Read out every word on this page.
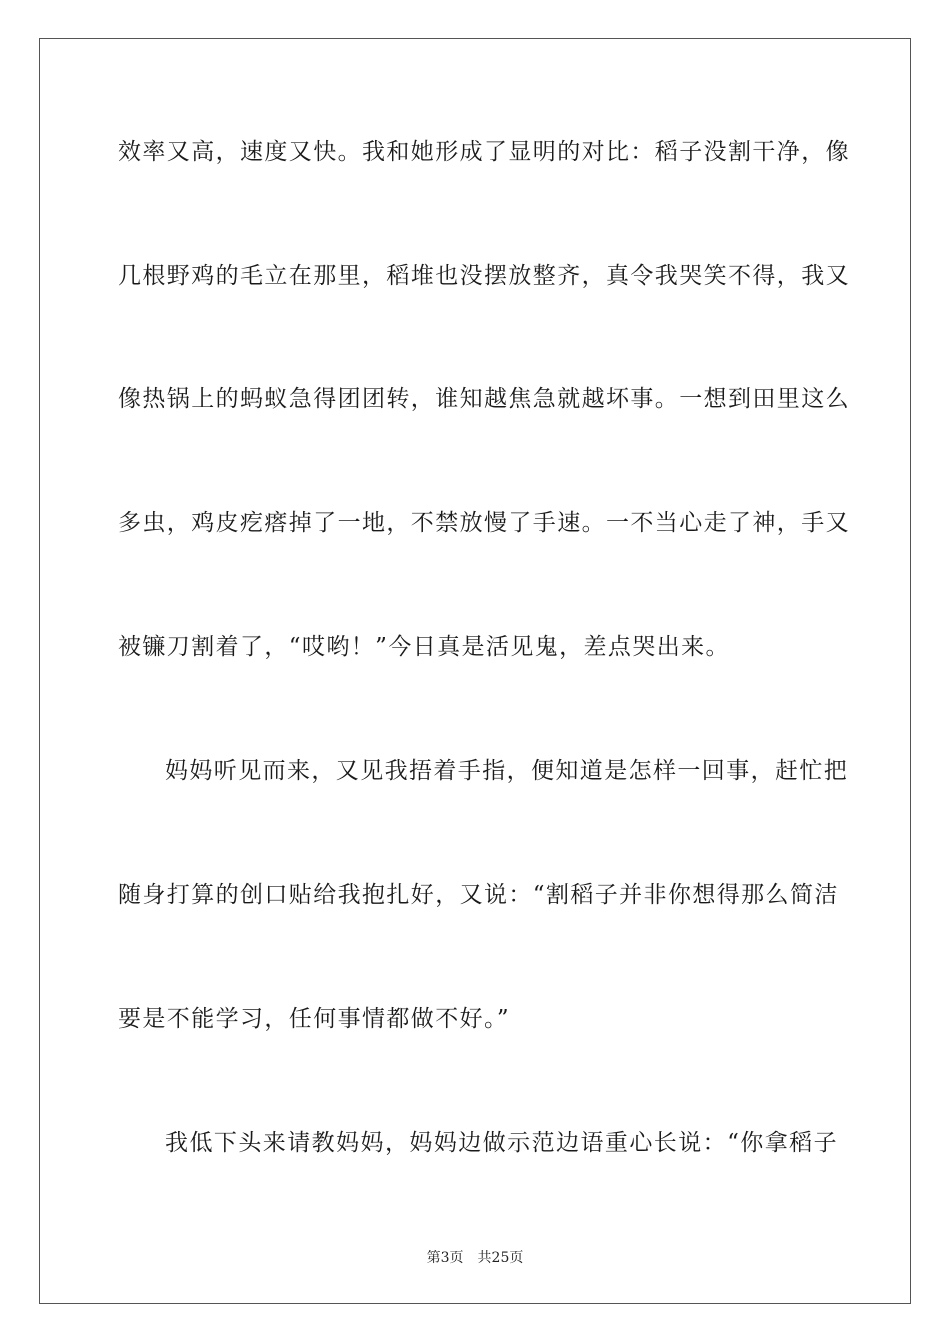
效率又高，速度又快。我和她形成了显明的对比：稻子没割干净，像
几根野鸡的毛立在那里，稻堆也没摆放整齐，真令我哭笑不得，我又
像热锅上的蚂蚁急得团团转，谁知越焦急就越坏事。一想到田里这么
多虫，鸡皮疙瘩掉了一地，不禁放慢了手速。一不当心走了神，手又
被镰刀割着了，“哎哟！”今日真是活见鬼，差点哭出来。
妈妈听见而来，又见我捂着手指，便知道是怎样一回事，赶忙把
随身打算的创口贴给我抱扎好，又说：“割稻子并非你想得那么简洁
要是不能学习，任何事情都做不好。”
我低下头来请教妈妈，妈妈边做示范边语重心长说：“你拿稻子
第3页 共25页
